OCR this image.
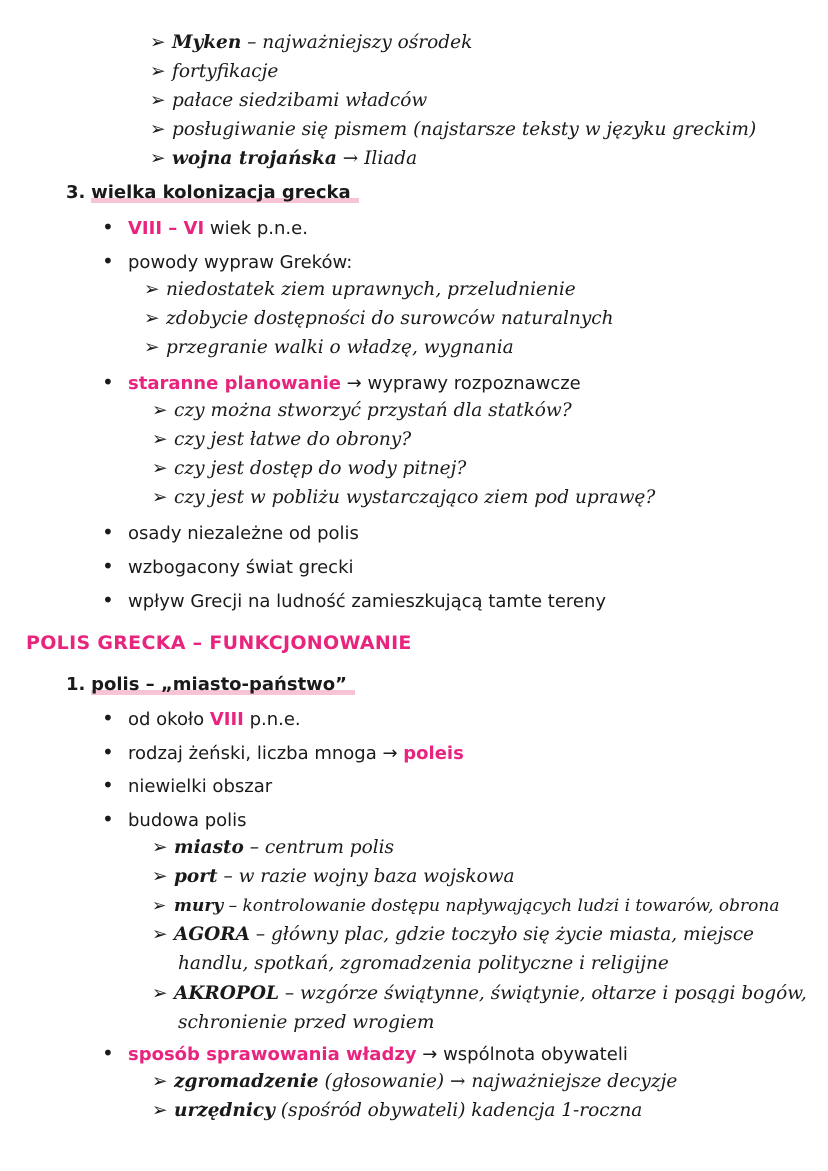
➢ Myken – najważniejszy ośrodek
➢ fortyfikacje
➢ pałace siedzibami władców
➢ posługiwanie się pismem (najstarsze teksty w języku greckim)
➢ wojna trojańska → Iliada
3. wielka kolonizacja grecka
• VIII – VI wiek p.n.e.
• powody wypraw Greków:
➢ niedostatek ziem uprawnych, przeludnienie
➢ zdobycie dostępności do surowców naturalnych
➢ przegranie walki o władzę, wygnania
• staranne planowanie → wyprawy rozpoznawcze
➢ czy można stworzyć przystań dla statków?
➢ czy jest łatwe do obrony?
➢ czy jest dostęp do wody pitnej?
➢ czy jest w pobliżu wystarczająco ziem pod uprawę?
• osady niezależne od polis
• wzbogacony świat grecki
• wpływ Grecji na ludność zamieszkującą tamte tereny
POLIS GRECKA – FUNKCJONOWANIE
1. polis – „miasto-państwo”
• od około VIII p.n.e.
• rodzaj żeński, liczba mnoga → poleis
• niewielki obszar
• budowa polis
➢ miasto – centrum polis
➢ port – w razie wojny baza wojskowa
➢ mury – kontrolowanie dostępu napływających ludzi i towarów, obrona
➢ AGORA – główny plac, gdzie toczyło się życie miasta, miejsce
handlu, spotkań, zgromadzenia polityczne i religijne
➢ AKROPOL – wzgórze świątynne, świątynie, ołtarze i posągi bogów,
schronienie przed wrogiem
• sposób sprawowania władzy → wspólnota obywateli
➢ zgromadzenie (głosowanie) → najważniejsze decyzje
➢ urzędnicy (spośród obywateli) kadencja 1-roczna
